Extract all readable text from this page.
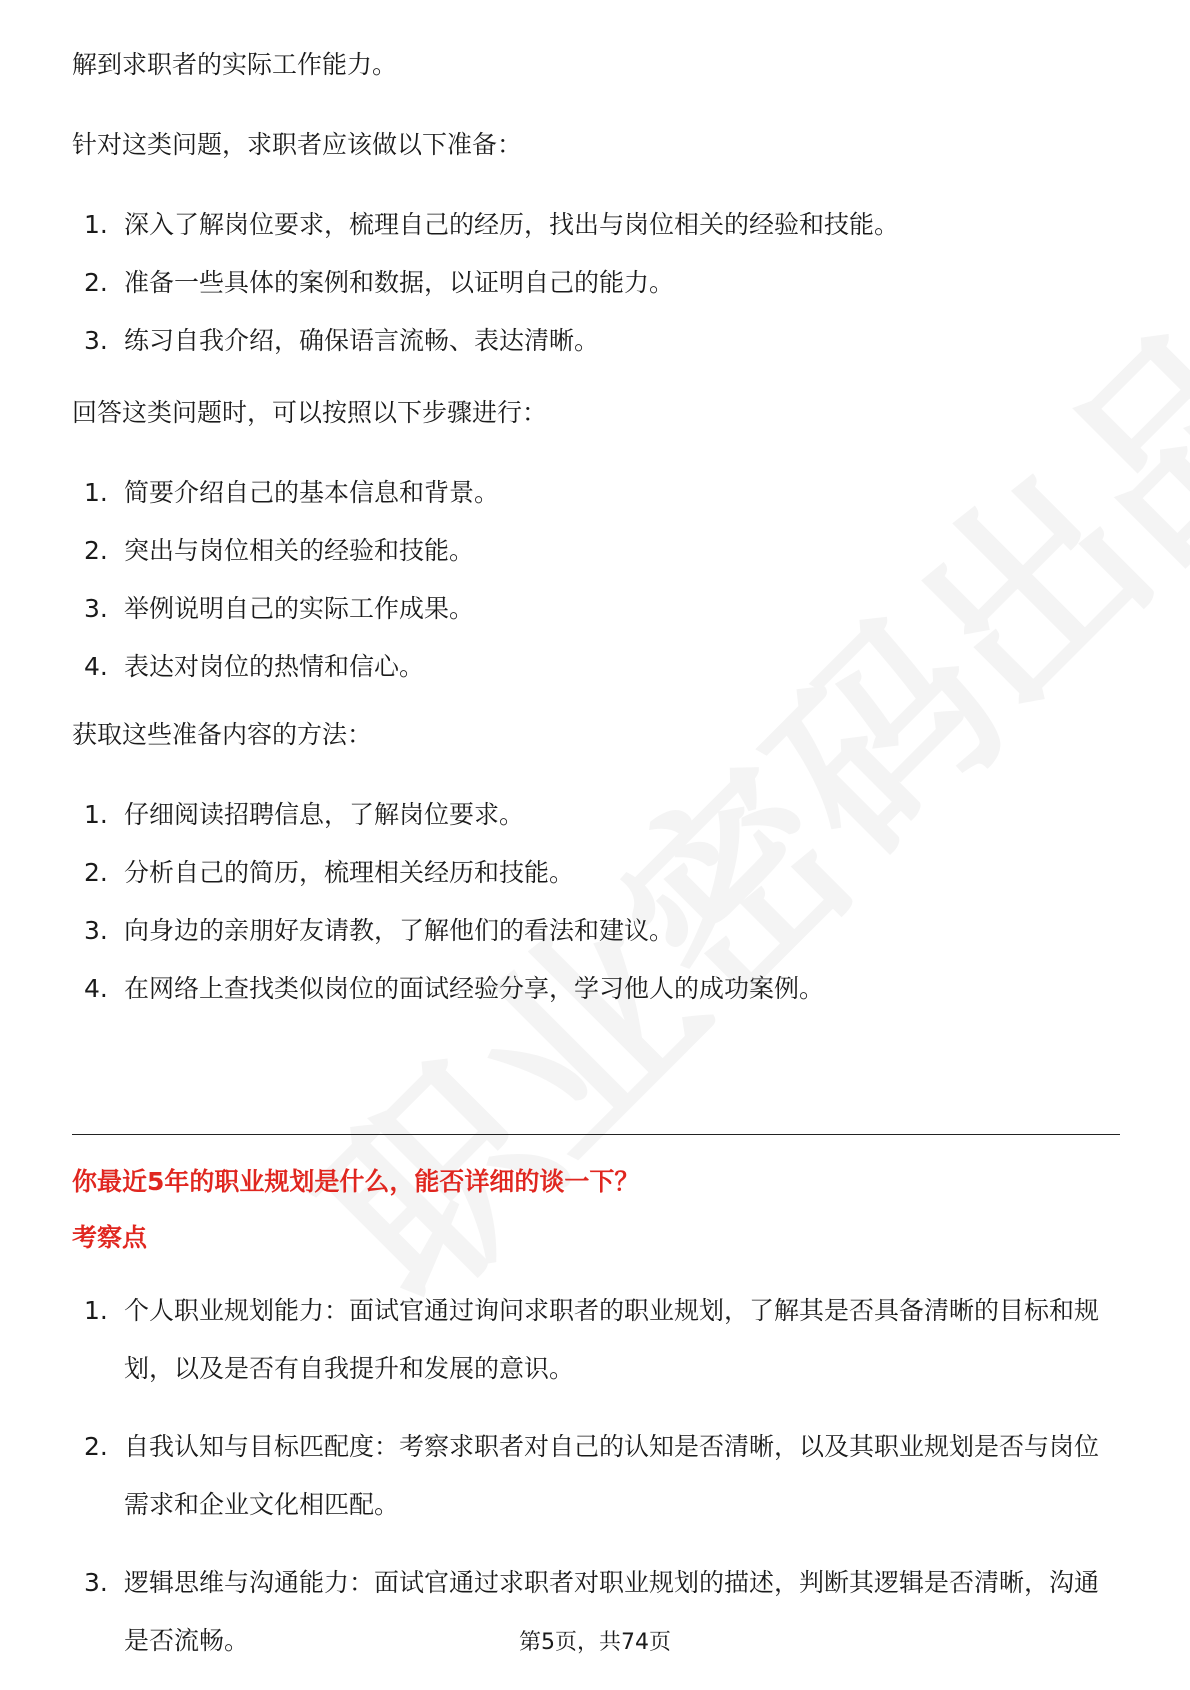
解到求职者的实际工作能力。

针对这类问题，求职者应该做以下准备：

1. 深入了解岗位要求，梳理自己的经历，找出与岗位相关的经验和技能。
2. 准备一些具体的案例和数据，以证明自己的能力。
3. 练习自我介绍，确保语言流畅、表达清晰。

回答这类问题时，可以按照以下步骤进行：

1. 简要介绍自己的基本信息和背景。
2. 突出与岗位相关的经验和技能。
3. 举例说明自己的实际工作成果。
4. 表达对岗位的热情和信心。

获取这些准备内容的方法：

1. 仔细阅读招聘信息，了解岗位要求。
2. 分析自己的简历，梳理相关经历和技能。
3. 向身边的亲朋好友请教，了解他们的看法和建议。
4. 在网络上查找类似岗位的面试经验分享，学习他人的成功案例。

你最近5年的职业规划是什么，能否详细的谈一下？

考察点

1. 个人职业规划能力：面试官通过询问求职者的职业规划，了解其是否具备清晰的目标和规划，以及是否有自我提升和发展的意识。
2. 自我认知与目标匹配度：考察求职者对自己的认知是否清晰，以及其职业规划是否与岗位需求和企业文化相匹配。
3. 逻辑思维与沟通能力：面试官通过求职者对职业规划的描述，判断其逻辑是否清晰，沟通是否流畅。	第5页，共74页
